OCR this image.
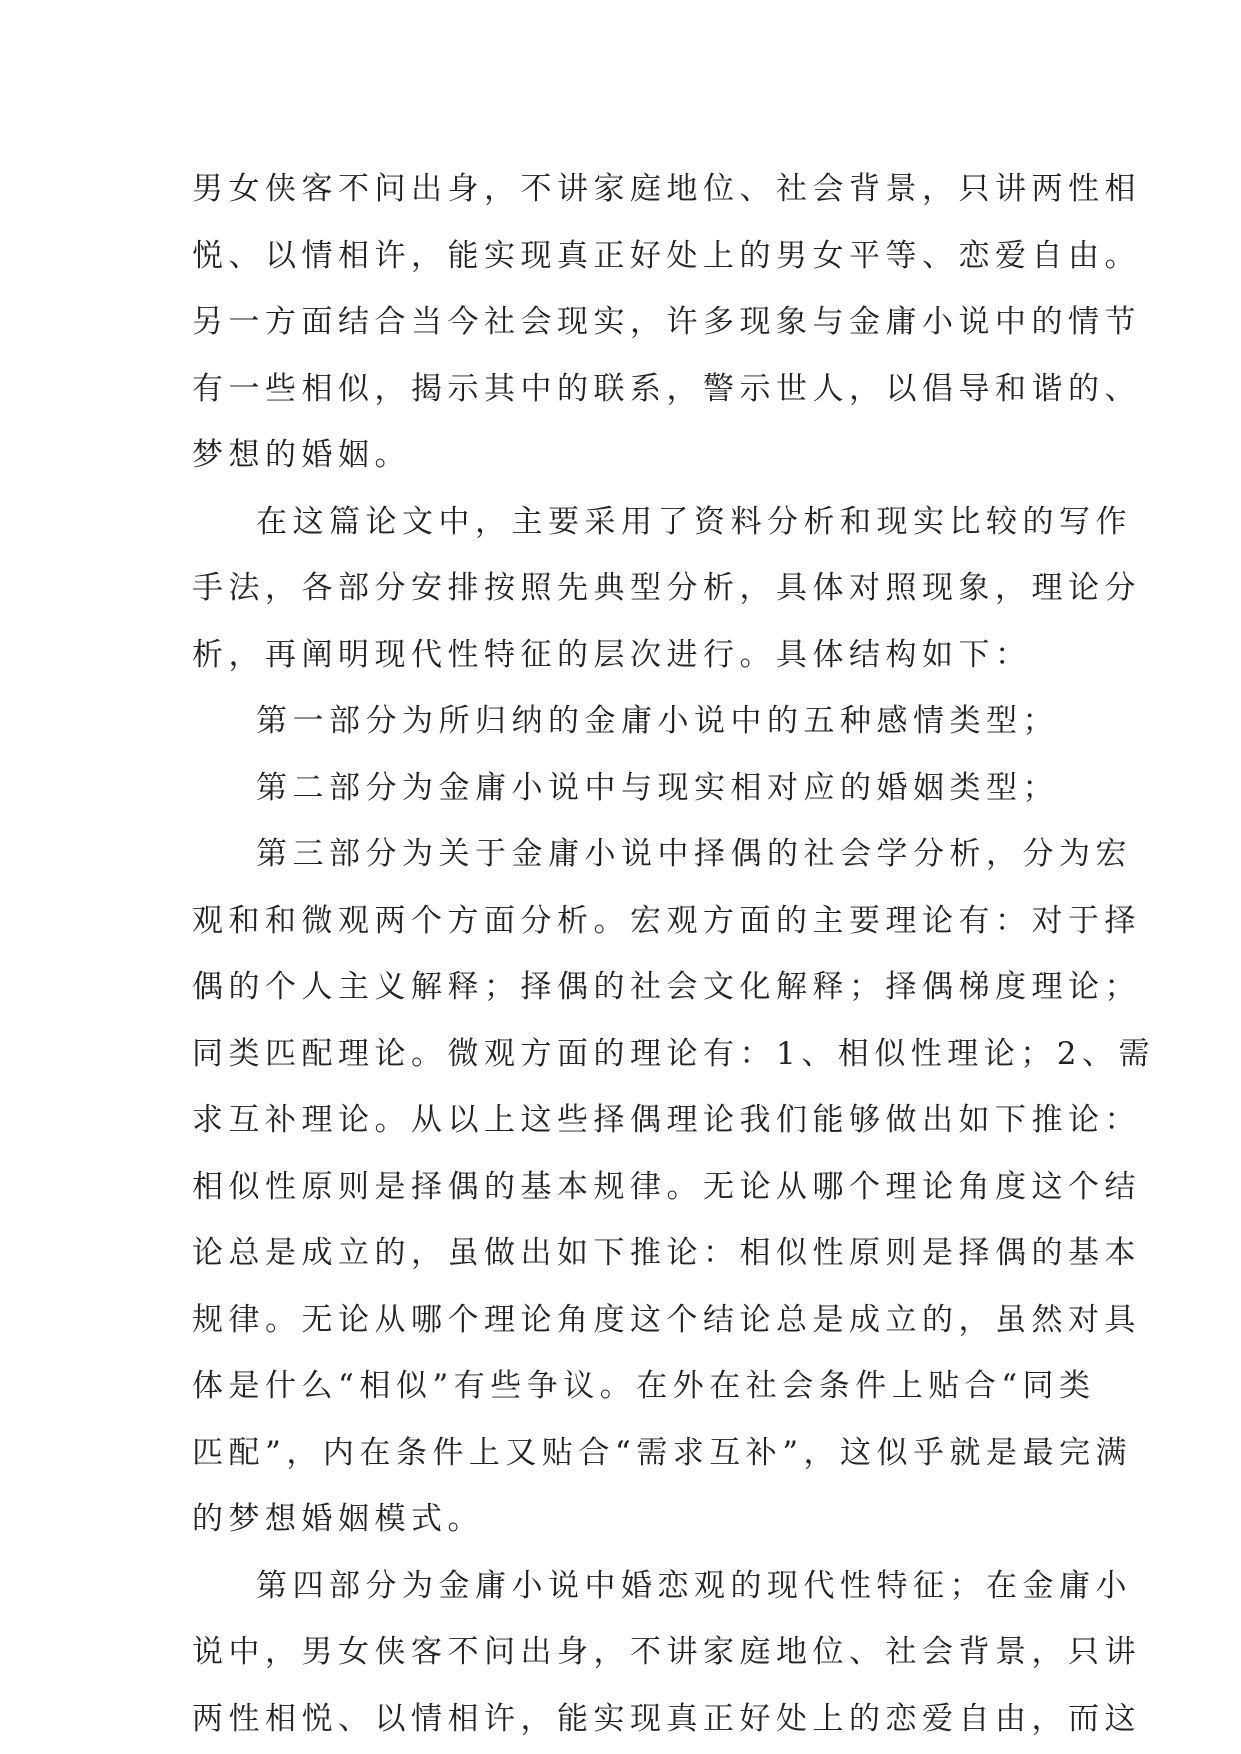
男女侠客不问出身，不讲家庭地位、社会背景，只讲两性相
悦、以情相许，能实现真正好处上的男女平等、恋爱自由。
另一方面结合当今社会现实，许多现象与金庸小说中的情节
有一些相似，揭示其中的联系，警示世人，以倡导和谐的、
梦想的婚姻。
在这篇论文中，主要采用了资料分析和现实比较的写作
手法，各部分安排按照先典型分析，具体对照现象，理论分
析，再阐明现代性特征的层次进行。具体结构如下：
第一部分为所归纳的金庸小说中的五种感情类型；
第二部分为金庸小说中与现实相对应的婚姻类型；
第三部分为关于金庸小说中择偶的社会学分析，分为宏
观和和微观两个方面分析。宏观方面的主要理论有：对于择
偶的个人主义解释；择偶的社会文化解释；择偶梯度理论；
同类匹配理论。微观方面的理论有：1、相似性理论；2、需
求互补理论。从以上这些择偶理论我们能够做出如下推论：
相似性原则是择偶的基本规律。无论从哪个理论角度这个结
论总是成立的，虽做出如下推论：相似性原则是择偶的基本
规律。无论从哪个理论角度这个结论总是成立的，虽然对具
体是什么“相似”有些争议。在外在社会条件上贴合“同类
匹配”，内在条件上又贴合“需求互补”，这似乎就是最完满
的梦想婚姻模式。
第四部分为金庸小说中婚恋观的现代性特征；在金庸小
说中，男女侠客不问出身，不讲家庭地位、社会背景，只讲
两性相悦、以情相许，能实现真正好处上的恋爱自由，而这
